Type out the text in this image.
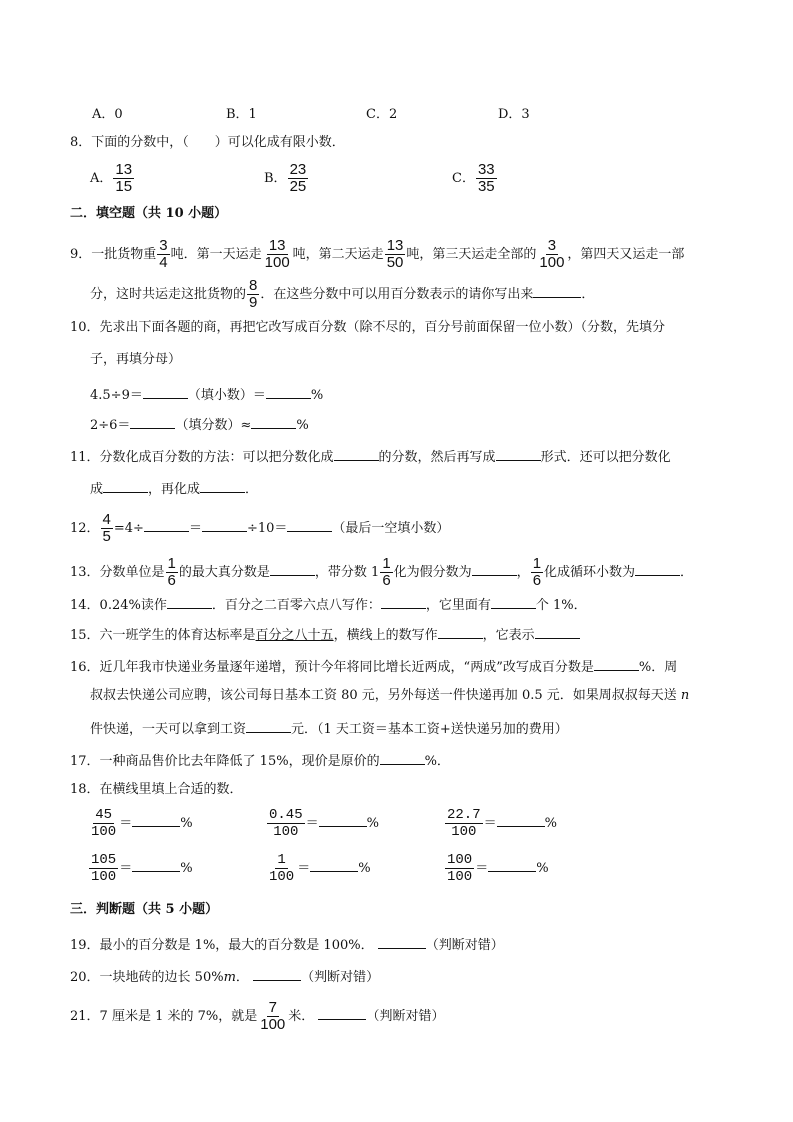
A．0	B．1	C．2	D．3
8．下面的分数中，（　　）可以化成有限小数．
A． $\frac{13}{15}$	B． $\frac{23}{25}$	C． $\frac{33}{35}$
二．填空题（共 10 小题）
9．一批货物重 $\frac{3}{4}$ 吨．第一天运走 $\frac{13}{100}$ 吨，第二天运走 $\frac{13}{50}$ 吨，第三天运走全部的 $\frac{3}{100}$ ，第四天又运走一部
分，这时共运走这批货物的 $\frac{8}{9}$ ．在这些分数中可以用百分数表示的请你写出来	．
10．先求出下面各题的商，再把它改写成百分数（除不尽的，百分号前面保留一位小数）（分数，先填分
子，再填分母）
4.5÷9＝	（填小数）＝	%
2÷6＝	（填分数）≈	%
11．分数化成百分数的方法：可以把分数化成	的分数，然后再写成	形式．还可以把分数化
成	，再化成	．
12． $\frac{4}{5} =4\div$	＝	÷10＝	（最后一空填小数）
13．分数单位是 $\frac{1}{6}$ 的最大真分数是	，带分数 $1 \frac{1}{6}$ 化为假分数为	， $\frac{1}{6}$ 化成循环小数为	．
14．0.24%读作	．百分之二百零六点八写作：	，它里面有	个 1%．
15．六一班学生的体育达标率是百分之八十五，横线上的数写作	，它表示
16．近几年我市快递业务量逐年递增，预计今年将同比增长近两成，“两成”改写成百分数是	%．周
叔叔去快递公司应聘，该公司每日基本工资 80 元，另外每送一件快递再加 0.5 元．如果周叔叔每天送 n
件快递，一天可以拿到工资	元．（1 天工资＝基本工资+送快递另加的费用）
17．一种商品售价比去年降低了 15%，现价是原价的	%．
18．在横线里填上合适的数．
$\frac{45}{100}$ ＝	%	$\frac{0.45}{100}$ ＝	%	$\frac{22.7}{100}$ ＝	%
$\frac{105}{100}$ ＝	%	$\frac{1}{100}$ ＝	%	$\frac{100}{100}$ ＝	%
三．判断题（共 5 小题）
19．最小的百分数是 1%，最大的百分数是 100%．	（判断对错）
20．一块地砖的边长 50%m．	（判断对错）
21．7 厘米是 1 米的 7%，就是 $\frac{7}{100}$ 米．	（判断对错）
